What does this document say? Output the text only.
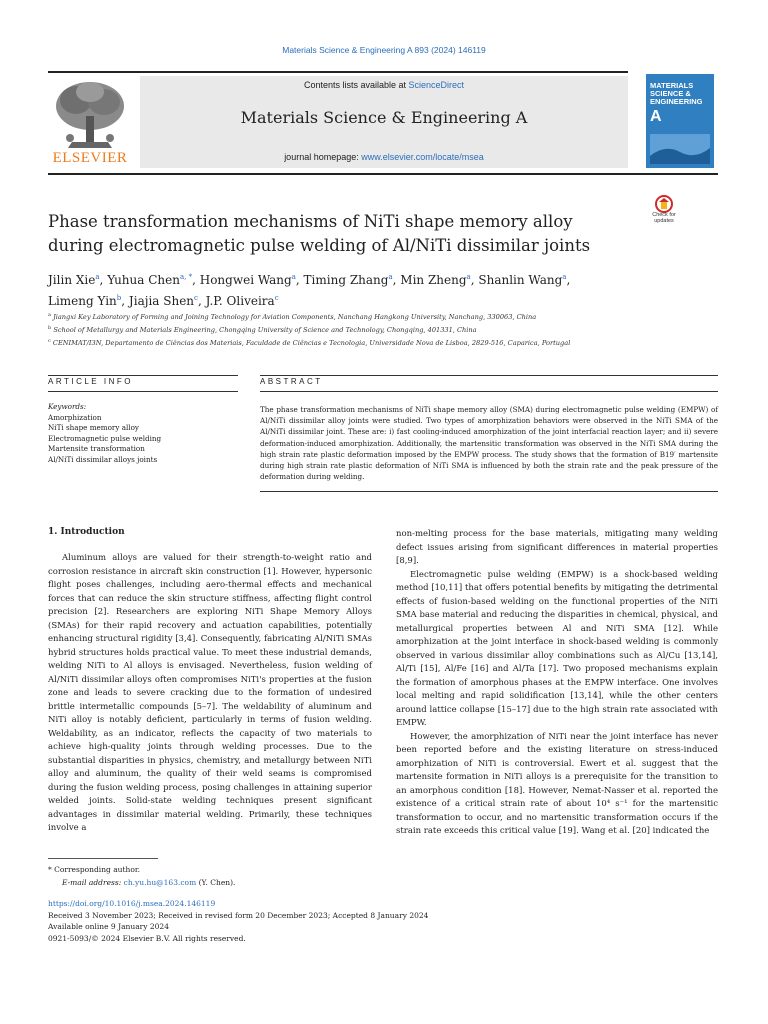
Materials Science & Engineering A 893 (2024) 146119
ELSEVIER
Contents lists available at ScienceDirect
Materials Science & Engineering A
journal homepage: www.elsevier.com/locate/msea
MATERIALS SCIENCE & ENGINEERING
A
Check for updates
Phase transformation mechanisms of NiTi shape memory alloy during electromagnetic pulse welding of Al/NiTi dissimilar joints
Jilin Xie$^a$, Yuhua Chen$^{a, *}$, Hongwei Wang$^a$, Timing Zhang$^a$, Min Zheng$^a$, Shanlin Wang$^a$,
Limeng Yin$^b$, Jiajia Shen$^c$, J.P. Oliveira$^c$
$^a$ Jiangxi Key Laboratory of Forming and Joining Technology for Aviation Components, Nanchang Hangkong University, Nanchang, 330063, China
$^b$ School of Metallurgy and Materials Engineering, Chongqing University of Science and Technology, Chongqing, 401331, China
$^c$ CENIMAT/I3N, Departamento de Ciências dos Materiais, Faculdade de Ciências e Tecnologia, Universidade Nova de Lisboa, 2829-516, Caparica, Portugal
ARTICLE INFO	ABSTRACT
Keywords:
Amorphization
NiTi shape memory alloy
Electromagnetic pulse welding
Martensite transformation
Al/NiTi dissimilar alloys joints
The phase transformation mechanisms of NiTi shape memory alloy (SMA) during electromagnetic pulse welding (EMPW) of Al/NiTi dissimilar alloy joints were studied. Two types of amorphization behaviors were observed in the NiTi SMA of the Al/NiTi dissimilar joint. These are: i) fast cooling-induced amorphization of the joint interfacial reaction layer; and ii) severe deformation-induced amorphization. Additionally, the martensitic transformation was observed in the NiTi SMA during the high strain rate plastic deformation imposed by the EMPW process. The study shows that the formation of B19′ martensite during high strain rate plastic deformation of NiTi SMA is influenced by both the strain rate and the peak pressure of the deformation during welding.
1. Introduction

Aluminum alloys are valued for their strength-to-weight ratio and corrosion resistance in aircraft skin construction [1]. However, hypersonic flight poses challenges, including aero-thermal effects and mechanical forces that can reduce the skin structure stiffness, affecting flight control precision [2]. Researchers are exploring NiTi Shape Memory Alloys (SMAs) for their rapid recovery and actuation capabilities, potentially enhancing structural rigidity [3,4]. Consequently, fabricating Al/NiTi SMAs hybrid structures holds practical value. To meet these industrial demands, welding NiTi to Al alloys is envisaged. Nevertheless, fusion welding of Al/NiTi dissimilar alloys often compromises NiTi's properties at the fusion zone and leads to severe cracking due to the formation of undesired brittle intermetallic compounds [5–7]. The weldability of aluminum and NiTi alloy is notably deficient, particularly in terms of fusion welding. Weldability, as an indicator, reflects the capacity of two materials to achieve high-quality joints through welding processes. Due to the substantial disparities in physics, chemistry, and metallurgy between NiTi alloy and aluminum, the quality of their weld seams is compromised during the fusion welding process, posing challenges in attaining superior welded joints. Solid-state welding techniques present significant advantages in dissimilar material welding. Primarily, these techniques involve a

non-melting process for the base materials, mitigating many welding defect issues arising from significant differences in material properties [8,9].

Electromagnetic pulse welding (EMPW) is a shock-based welding method [10,11] that offers potential benefits by mitigating the detrimental effects of fusion-based welding on the functional properties of the NiTi SMA base material and reducing the disparities in chemical, physical, and metallurgical properties between Al and NiTi SMA [12]. While amorphization at the joint interface in shock-based welding is commonly observed in various dissimilar alloy combinations such as Al/Cu [13,14], Al/Ti [15], Al/Fe [16] and Al/Ta [17]. Two proposed mechanisms explain the formation of amorphous phases at the EMPW interface. One involves local melting and rapid solidification [13,14], while the other centers around lattice collapse [15–17] due to the high strain rate associated with EMPW.

However, the amorphization of NiTi near the joint interface has never been reported before and the existing literature on stress-induced amorphization of NiTi is controversial. Ewert et al. suggest that the martensite formation in NiTi alloys is a prerequisite for the transition to an amorphous condition [18]. However, Nemat-Nasser et al. reported the existence of a critical strain rate of about 10⁴ s⁻¹ for the martensitic transformation to occur, and no martensitic transformation occurs if the strain rate exceeds this critical value [19]. Wang et al. [20] indicated the

* Corresponding author.
E-mail address: ch.yu.hu@163.com (Y. Chen).
https://doi.org/10.1016/j.msea.2024.146119
Received 3 November 2023; Received in revised form 20 December 2023; Accepted 8 January 2024
Available online 9 January 2024
0921-5093/© 2024 Elsevier B.V. All rights reserved.
